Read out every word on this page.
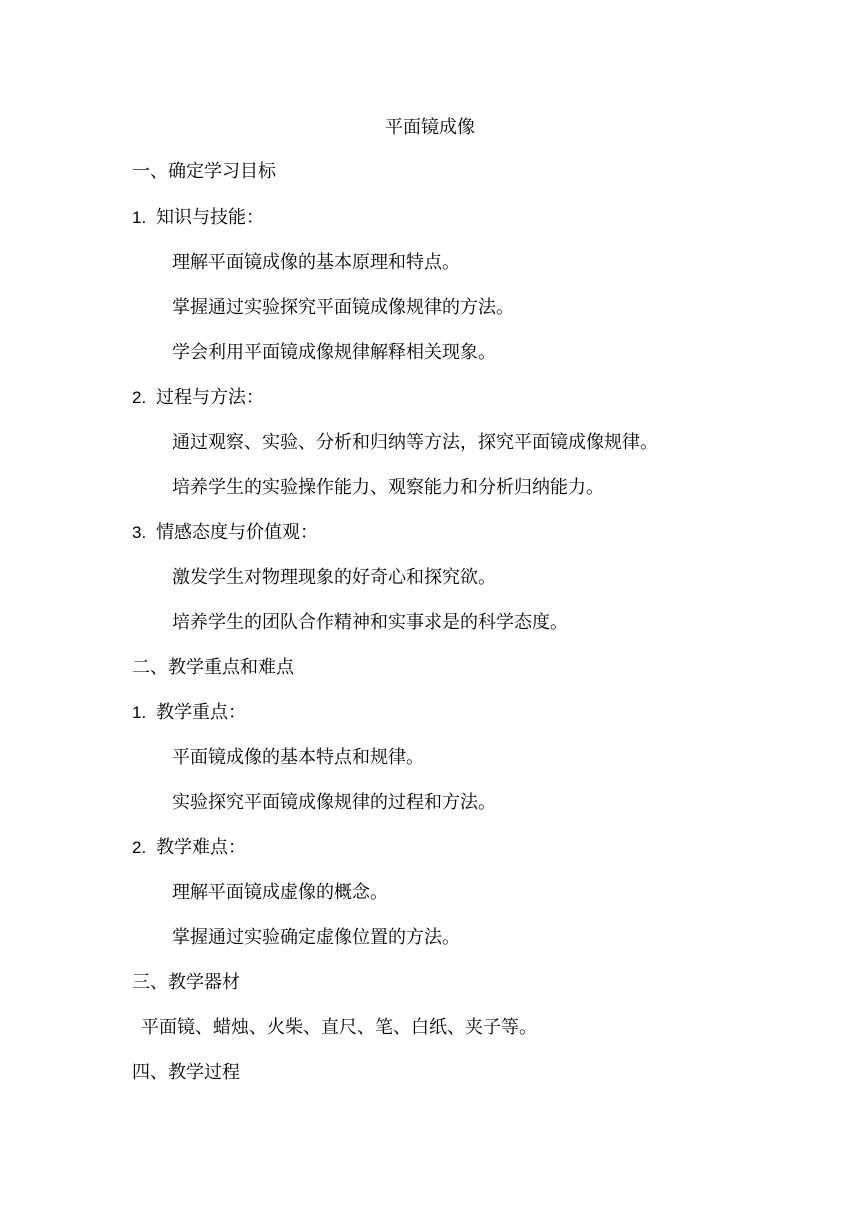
平面镜成像
一、确定学习目标
1. 知识与技能：
理解平面镜成像的基本原理和特点。
掌握通过实验探究平面镜成像规律的方法。
学会利用平面镜成像规律解释相关现象。
2. 过程与方法：
通过观察、实验、分析和归纳等方法，探究平面镜成像规律。
培养学生的实验操作能力、观察能力和分析归纳能力。
3. 情感态度与价值观：
激发学生对物理现象的好奇心和探究欲。
培养学生的团队合作精神和实事求是的科学态度。
二、教学重点和难点
1. 教学重点：
平面镜成像的基本特点和规律。
实验探究平面镜成像规律的过程和方法。
2. 教学难点：
理解平面镜成虚像的概念。
掌握通过实验确定虚像位置的方法。
三、教学器材
平面镜、蜡烛、火柴、直尺、笔、白纸、夹子等。
四、教学过程
